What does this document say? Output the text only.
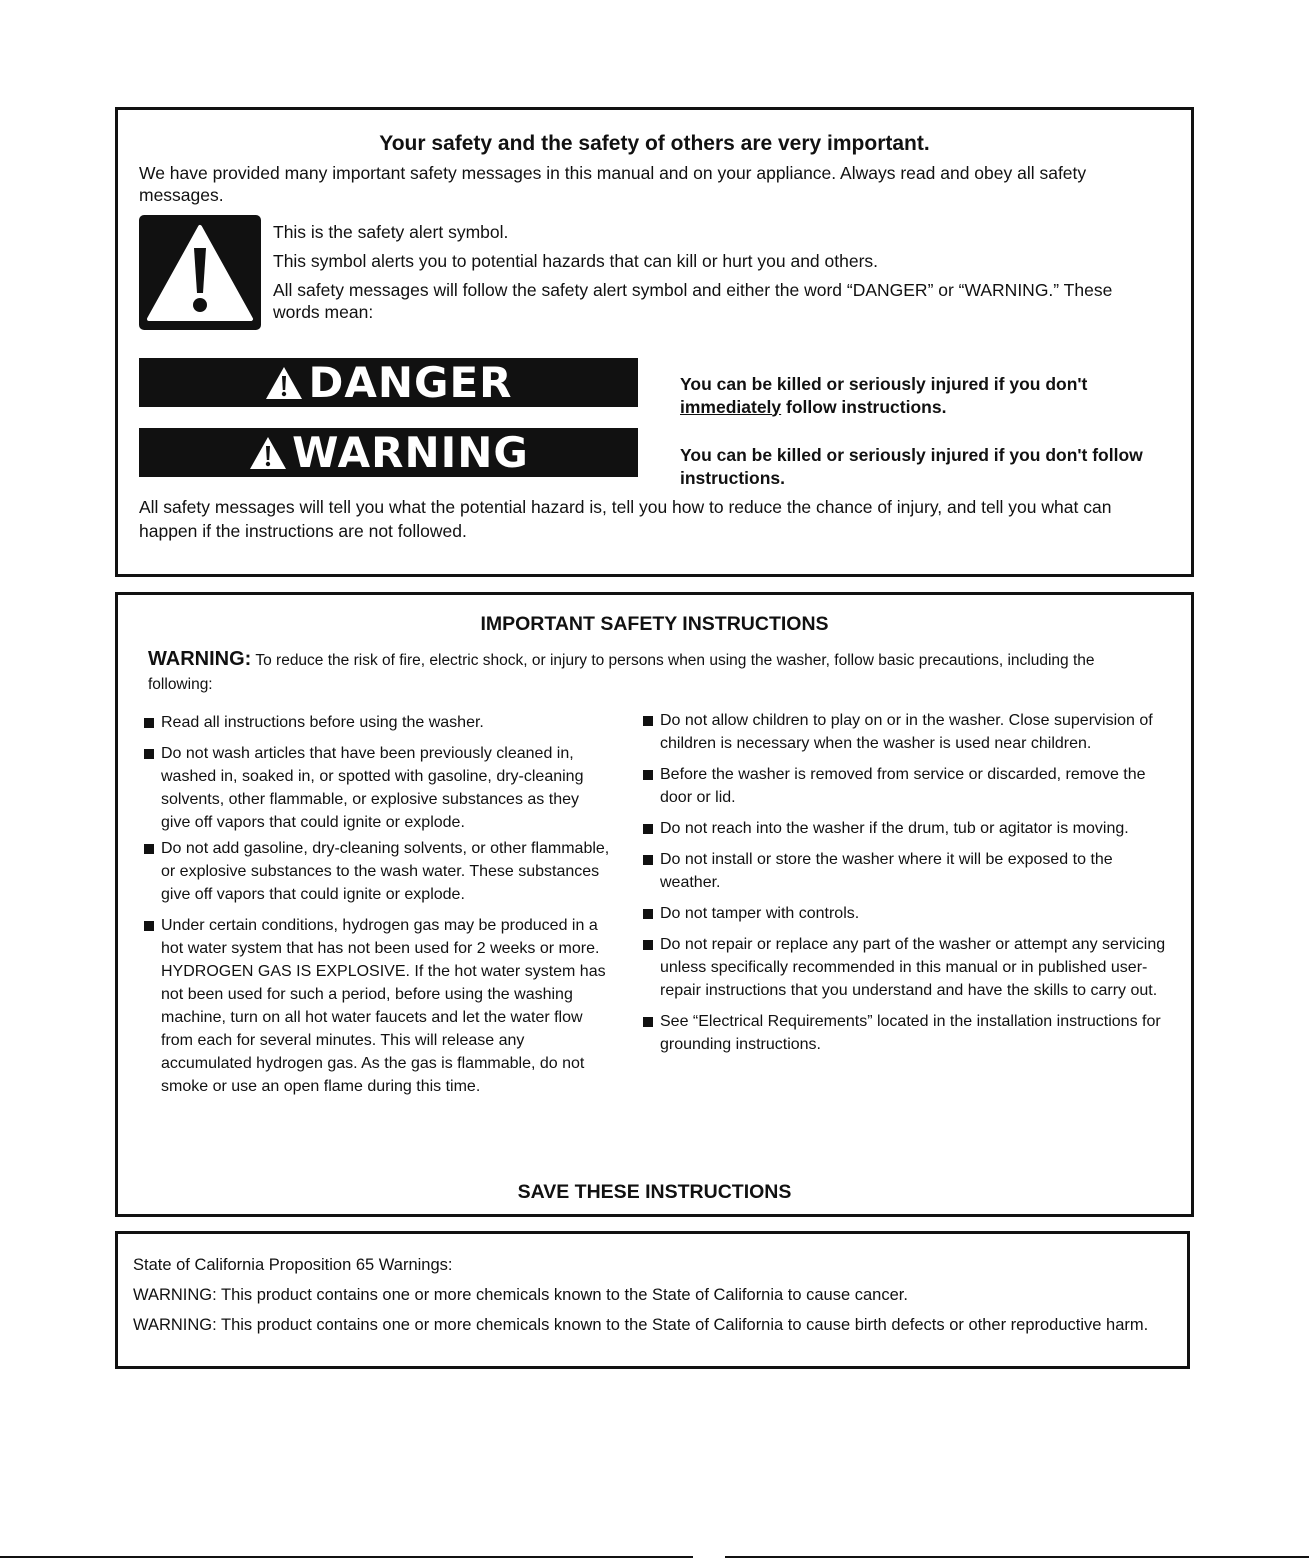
Your safety and the safety of others are very important.

We have provided many important safety messages in this manual and on your appliance. Always read and obey all safety messages.

This is the safety alert symbol.

This symbol alerts you to potential hazards that can kill or hurt you and others.

All safety messages will follow the safety alert symbol and either the word “DANGER” or “WARNING.” These words mean:

DANGER	You can be killed or seriously injured if you don't immediately follow instructions.

WARNING	You can be killed or seriously injured if you don't follow instructions.

All safety messages will tell you what the potential hazard is, tell you how to reduce the chance of injury, and tell you what can happen if the instructions are not followed.

IMPORTANT SAFETY INSTRUCTIONS

WARNING: To reduce the risk of fire, electric shock, or injury to persons when using the washer, follow basic precautions, including the following:

Read all instructions before using the washer.

Do not wash articles that have been previously cleaned in, washed in, soaked in, or spotted with gasoline, dry-cleaning solvents, other flammable, or explosive substances as they give off vapors that could ignite or explode.

Do not add gasoline, dry-cleaning solvents, or other flammable, or explosive substances to the wash water. These substances give off vapors that could ignite or explode.

Under certain conditions, hydrogen gas may be produced in a hot water system that has not been used for 2 weeks or more. HYDROGEN GAS IS EXPLOSIVE. If the hot water system has not been used for such a period, before using the washing machine, turn on all hot water faucets and let the water flow from each for several minutes. This will release any accumulated hydrogen gas. As the gas is flammable, do not smoke or use an open flame during this time.

Do not allow children to play on or in the washer. Close supervision of children is necessary when the washer is used near children.

Before the washer is removed from service or discarded, remove the door or lid.

Do not reach into the washer if the drum, tub or agitator is moving.

Do not install or store the washer where it will be exposed to the weather.

Do not tamper with controls.

Do not repair or replace any part of the washer or attempt any servicing unless specifically recommended in this manual or in published user-repair instructions that you understand and have the skills to carry out.

See “Electrical Requirements” located in the installation instructions for grounding instructions.

SAVE THESE INSTRUCTIONS

State of California Proposition 65 Warnings:

WARNING: This product contains one or more chemicals known to the State of California to cause cancer.

WARNING: This product contains one or more chemicals known to the State of California to cause birth defects or other reproductive harm.
